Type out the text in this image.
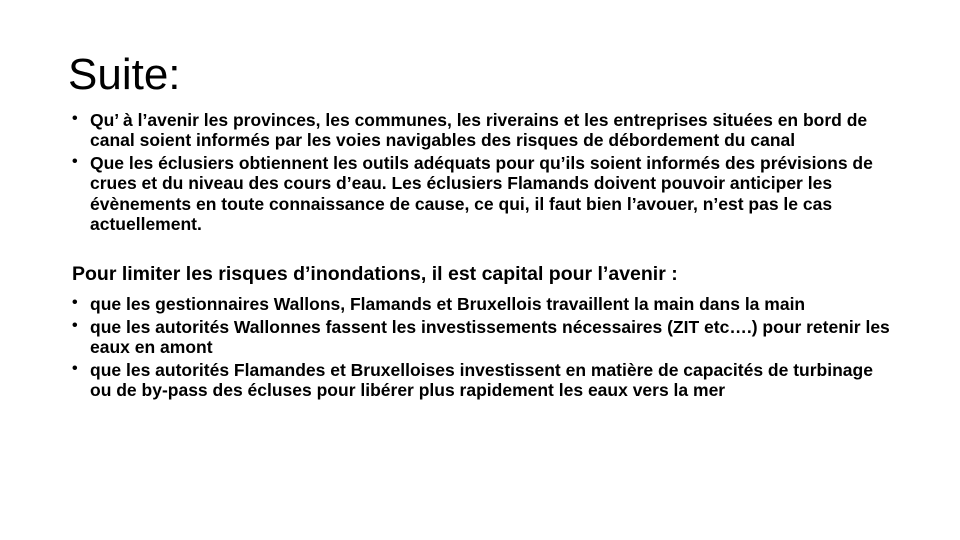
Suite:
• Qu’ à l’avenir les provinces, les communes, les riverains et les entreprises situées en bord de canal soient informés par les voies navigables des risques de débordement du canal
• Que les éclusiers obtiennent les outils adéquats pour qu’ils soient informés des prévisions de crues et du niveau des cours d’eau. Les éclusiers Flamands doivent pouvoir anticiper les évènements en toute connaissance de cause, ce qui, il faut bien l’avouer, n’est pas le cas actuellement.
Pour limiter les risques d’inondations, il est capital pour l’avenir :
• que les gestionnaires Wallons, Flamands et Bruxellois travaillent la main dans la main
• que les autorités Wallonnes fassent les investissements nécessaires (ZIT etc….) pour retenir les eaux en amont
• que les autorités Flamandes et Bruxelloises investissent en matière de capacités de turbinage ou de by-pass des écluses pour libérer plus rapidement les eaux vers la mer
